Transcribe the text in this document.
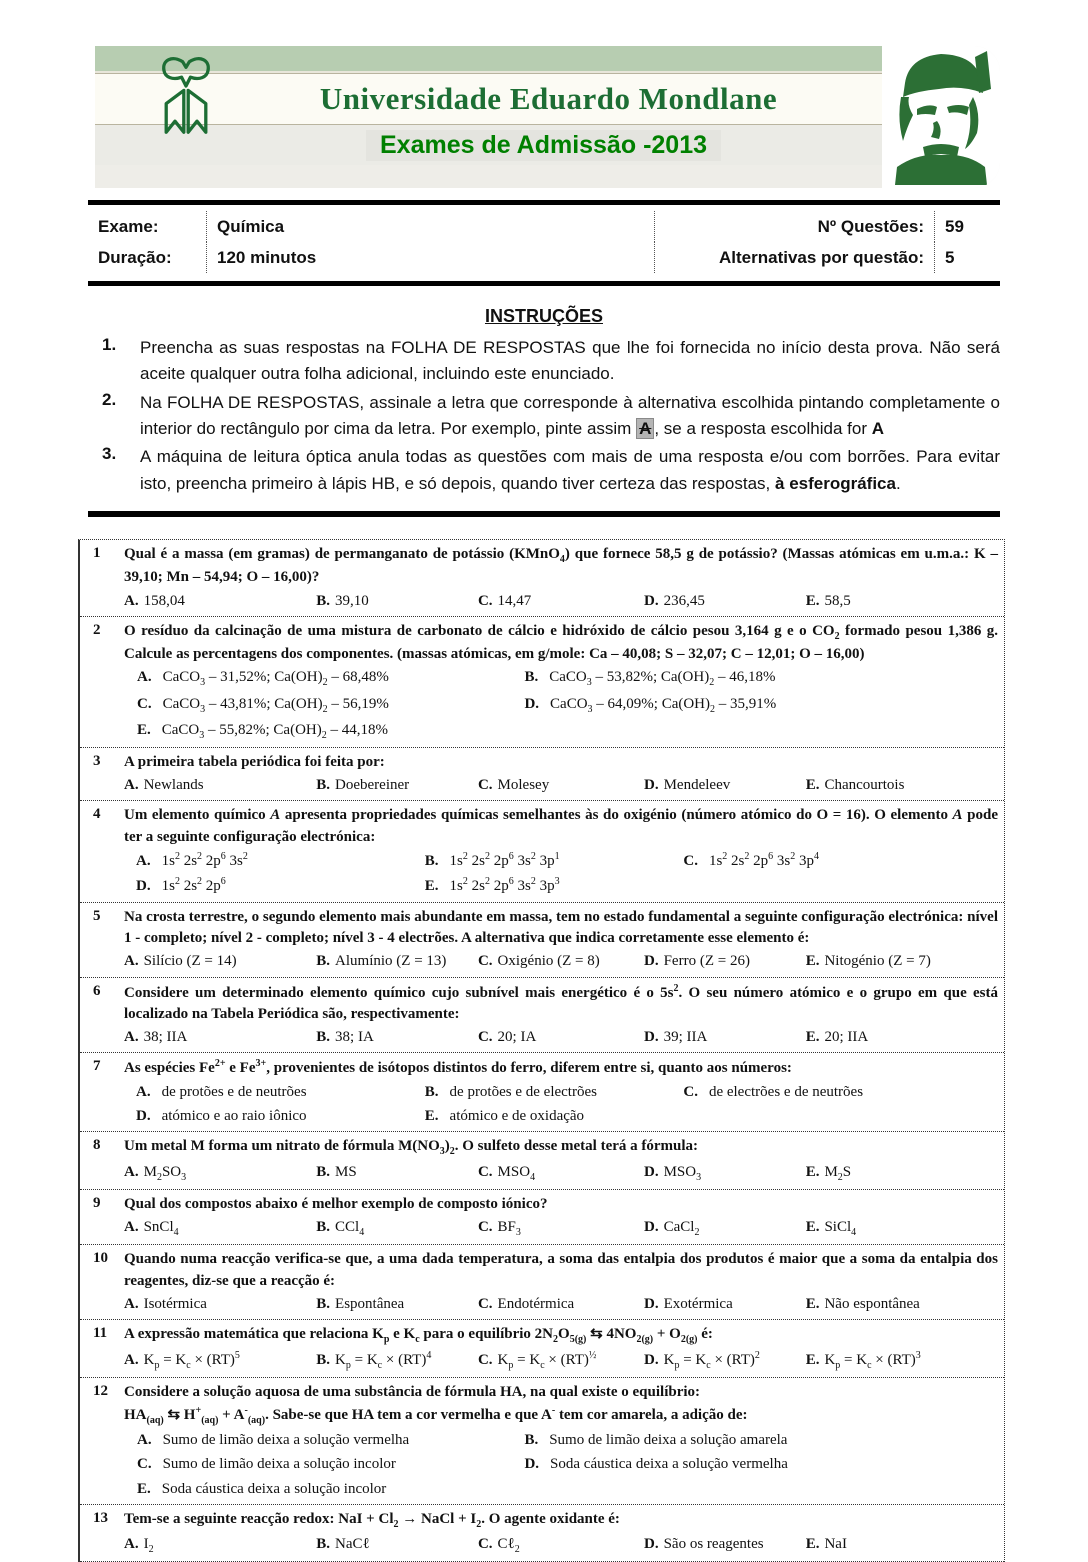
Universidade Eduardo Mondlane
Exames de Admissão -2013
Exame:	Química	Nº Questões:	59
Duração:	120 minutos	Alternativas por questão:	5
INSTRUÇÕES
1.	Preencha as suas respostas na FOLHA DE RESPOSTAS que lhe foi fornecida no início desta prova. Não será aceite qualquer outra folha adicional, incluindo este enunciado.
2.	Na FOLHA DE RESPOSTAS, assinale a letra que corresponde à alternativa escolhida pintando completamente o interior do rectângulo por cima da letra. Por exemplo, pinte assim A , se a resposta escolhida for A
3.	A máquina de leitura óptica anula todas as questões com mais de uma resposta e/ou com borrões. Para evitar isto, preencha primeiro à lápis HB, e só depois, quando tiver certeza das respostas, à esferográfica.
1	Qual é a massa (em gramas) de permanganato de potássio (KMnO$_4$) que fornece 58,5 g de potássio? (Massas atómicas em u.m.a.: K – 39,10; Mn – 54,94; O – 16,00)?
A. 158,04	B. 39,10	C. 14,47	D. 236,45	E. 58,5
2	O resíduo da calcinação de uma mistura de carbonato de cálcio e hidróxido de cálcio pesou 3,164 g e o $CO_2$ formado pesou 1,386 g. Calcule as percentagens dos componentes. (massas atómicas, em g/mole: Ca – 40,08; S – 32,07; C – 12,01; O – 16,00)
A. CaCO$_3$ – 31,52%; $Ca(OH)_2 - 68,48\%$	B. CaCO$_3$ – 53,82%; $Ca(OH)_2 - 46,18\%$
C. CaCO$_3$ – 43,81%; $Ca(OH)_2 - 56,19\%$	D. CaCO$_3$ – 64,09%; $Ca(OH)_2 - 35,91\%$
E. CaCO$_3$ – 55,82%; $Ca(OH)_2 - 44,18\%$
3	A primeira tabela periódica foi feita por:
A. Newlands	B. Doebereiner	C. Molesey	D. Mendeleev	E. Chancourtois
4	Um elemento químico A apresenta propriedades químicas semelhantes às do oxigénio (número atómico do O = 16). O elemento A pode ter a seguinte configuração electrónica:
A. $1s^2$ $2s^2$ $2p^6$ $3s^2$	B. $1s^2$ $2s^2$ $2p^6$ $3s^2$ $3p^1$	C. $1s^2$ $2s^2$ $2p^6$ $3s^2$ $3p^4$
D. $1s^2$ $2s^2$ $2p^6$	E. $1s^2$ $2s^2$ $2p^6$ $3s^2$ $3p^3$
5	Na crosta terrestre, o segundo elemento mais abundante em massa, tem no estado fundamental a seguinte configuração electrónica: nível 1 - completo; nível 2 - completo; nível 3 - 4 electrões. A alternativa que indica corretamente esse elemento é:
A. Silício (Z = 14)	B. Alumínio (Z = 13)	C. Oxigénio (Z = 8)	D. Ferro (Z = 26)	E. Nitogénio (Z = 7)
6	Considere um determinado elemento químico cujo subnível mais energético é o $5s^2$. O seu número atómico e o grupo em que está localizado na Tabela Periódica são, respectivamente:
A. 38; IIA	B. 38; IA	C. 20; IA	D. 39; IIA	E. 20; IIA
7	As espécies $Fe^{2+}$ e $Fe^{3+}$, provenientes de isótopos distintos do ferro, diferem entre si, quanto aos números:
A. de protões e de neutrões	B. de protões e de electrões	C. de electrões e de neutrões
D. atómico e ao raio iônico	E. atómico e de oxidação
8	Um metal M forma um nitrato de fórmula $M(NO_3)_2$. O sulfeto desse metal terá a fórmula:
A. $M_2SO_3$	B. MS	C. $MSO_4$	D. $MSO_3$	E. $M_2S$
9	Qual dos compostos abaixo é melhor exemplo de composto iónico?
A. SnCl$_4$	B. CCl$_4$	C. $BF_3$	D. CaCl$_2$	E. SiCl$_4$
10	Quando numa reacção verifica-se que, a uma dada temperatura, a soma das entalpia dos produtos é maior que a soma da entalpia dos reagentes, diz-se que a reacção é:
A. Isotérmica	B. Espontânea	C. Endotérmica	D. Exotérmica	E. Não espontânea
11	A expressão matemática que relaciona $K_p$ e $K_c$ para o equilíbrio $2N_2O_{5(g)}$ ⇆ $4NO_{2(g)} + O_{2(g)}$ é:
A. $K_p = K_c \times (RT)^5$	B. $K_p = K_c \times (RT)^4$	C. $K_p = K_c \times (RT)^{\frac{1}{2}}$	D. $K_p = K_c \times (RT)^2$	E. $K_p = K_c \times (RT)^3$
12	Considere a solução aquosa de uma substância de fórmula HA, na qual existe o equilíbrio:
$HA_{(aq)}$ ⇆ $H^+_{(aq)} + A^-_{(aq)}$. Sabe-se que HA tem a cor vermelha e que A- tem cor amarela, a adição de:
A. Sumo de limão deixa a solução vermelha	B. Sumo de limão deixa a solução amarela
C. Sumo de limão deixa a solução incolor	D. Soda cáustica deixa a solução vermelha
E. Soda cáustica deixa a solução incolor
13	Tem-se a seguinte reacção redox: NaI + $Cl_2$ → NaCl + $I_2$. O agente oxidante é:
A. $I_2$	B. NaCℓ	C. Cℓ$_2$	D. São os reagentes	E. NaI
